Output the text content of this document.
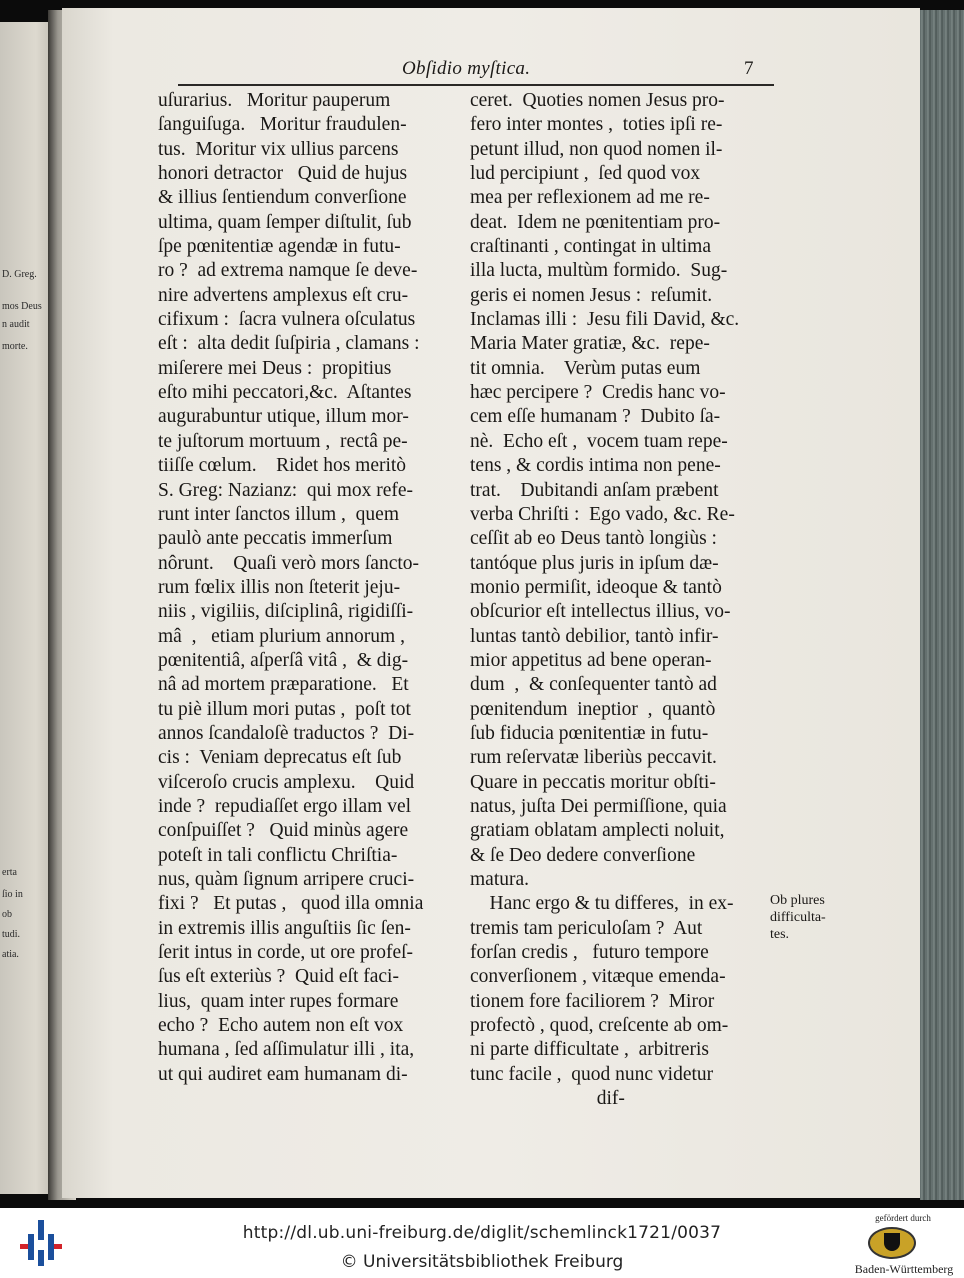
D. Greg.
mos Deus
n audit
morte.
erta
ſio in
ob
tudi.
atia.
Obſidio myſtica.	7
uſurarius.   Moritur pauperum
ſanguiſuga.   Moritur fraudulen-
tus.  Moritur vix ullius parcens
honori detractor   Quid de hujus
& illius ſentiendum converſione
ultima, quam ſemper diſtulit, ſub
ſpe pœnitentiæ agendæ in futu-
ro ?  ad extrema namque ſe deve-
nire advertens amplexus eſt cru-
cifixum :  ſacra vulnera oſculatus
eſt :  alta dedit ſuſpiria , clamans :
miſerere mei Deus :  propitius
eſto mihi peccatori,&c.  Aſtantes
augurabuntur utique, illum mor-
te juſtorum mortuum ,  rectâ pe-
tiiſſe cœlum.    Ridet hos meritò
S. Greg: Nazianz:  qui mox refe-
runt inter ſanctos illum ,  quem
paulò ante peccatis immerſum
nôrunt.    Quaſi verò mors ſancto-
rum fœlix illis non ſteterit jeju-
niis , vigiliis, diſciplinâ, rigidiſſi-
mâ  ,   etiam plurium annorum ,
pœnitentiâ, aſperſâ vitâ ,  & dig-
nâ ad mortem præparatione.   Et
tu piè illum mori putas ,  poſt tot
annos ſcandaloſè traductos ?  Di-
cis :  Veniam deprecatus eſt ſub
viſceroſo crucis amplexu.    Quid
inde ?  repudiaſſet ergo illam vel
conſpuiſſet ?   Quid minùs agere
poteſt in tali conflictu Chriſtia-
nus, quàm ſignum arripere cruci-
fixi ?   Et putas ,   quod illa omnia
in extremis illis anguſtiis ſic ſen-
ſerit intus in corde, ut ore profeſ-
ſus eſt exteriùs ?  Quid eſt faci-
lius,  quam inter rupes formare
echo ?  Echo autem non eſt vox
humana , ſed aſſimulatur illi , ita,
ut qui audiret eam humanam di-
ceret.  Quoties nomen Jesus pro-
fero inter montes ,  toties ipſi re-
petunt illud, non quod nomen il-
lud percipiunt ,  ſed quod vox
mea per reflexionem ad me re-
deat.  Idem ne pœnitentiam pro-
craſtinanti , contingat in ultima
illa luctа, multùm formido.  Sug-
geris ei nomen Jesus :  reſumit.
Inclamas illi :  Jesu fili David, &c.
Maria Mater gratiæ, &c.  repe-
tit omnia.    Verùm putas eum
hæc percipere ?  Credis hanc vo-
cem eſſe humanam ?  Dubito ſa-
nè.  Echo eſt ,  vocem tuam repe-
tens , & cordis intima non pene-
trat.    Dubitandi anſam præbent
verba Chriſti :  Ego vado, &c. Re-
ceſſit ab eo Deus tantò longiùs :
tantóque plus juris in ipſum dæ-
monio permiſit, ideoque & tantò
obſcurior eſt intellectus illius, vo-
luntas tantò debilior, tantò infir-
mior appetitus ad bene operan-
dum  ,  & conſequenter tantò ad
pœnitendum  ineptior  ,  quantò
ſub fiducia pœnitentiæ in futu-
rum reſervatæ liberiùs peccavit.
Quare in peccatis moritur obſti-
natus, juſta Dei permiſſione, quia
gratiam oblatam amplecti noluit,
& ſe Deo dedere converſione
matura.
Hanc ergo & tu differes,  in ex-
tremis tam periculoſam ?  Aut
forſan credis ,   futuro tempore
converſionem , vitæque emenda-
tionem fore faciliorem ?  Miror
profectò , quod, creſcente ab om-
ni parte difficultate ,  arbitreris
tunc facile ,  quod nunc videtur
dif-
Ob plures
difficulta-
tes.
http://dl.ub.uni-freiburg.de/diglit/schemlinck1721/0037
© Universitätsbibliothek Freiburg
gefördert durch
Baden-Württemberg
